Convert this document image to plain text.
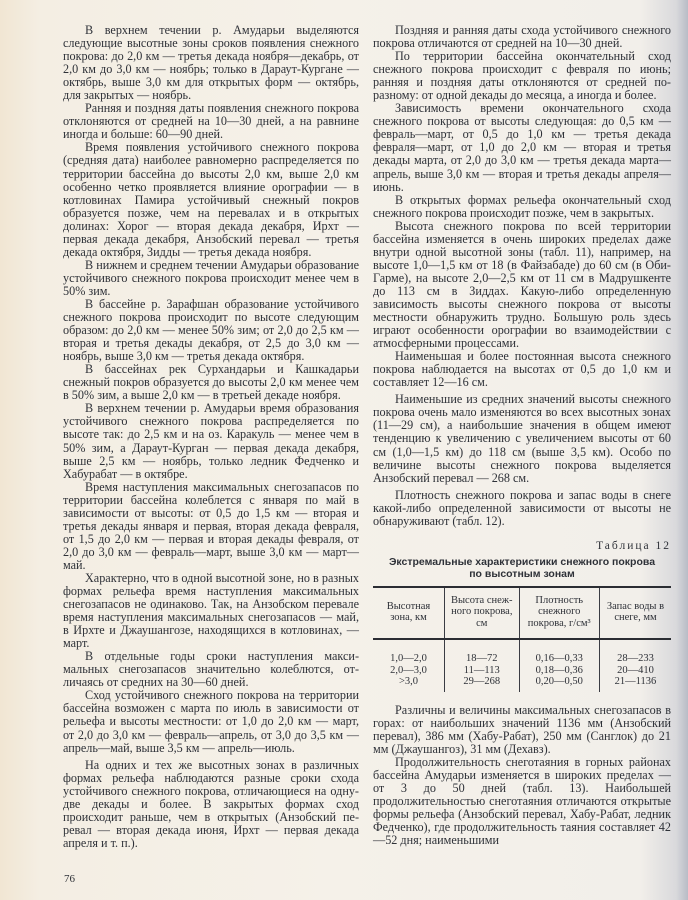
В верхнем течении р. Амударьи выделяются следующие высотные зоны сроков появления снежного покрова: до 2,0 км — третья декада ноября—декабрь, от 2,0 км до 3,0 км — ноябрь; только в Дараут-Кургане — октябрь, выше 3,0 км для открытых форм — октябрь, для закрытых — ноябрь.

Ранняя и поздняя даты появления снежного покрова отклоняются от средней на 10—30 дней, а на равнине иногда и больше: 60—90 дней.

Время появления устойчивого снежного покрова (средняя дата) наиболее равномерно распределяется по территории бассейна до высоты 2,0 км, выше 2,0 км особенно четко проявляется влияние орографии — в котловинах Памира устойчивый снежный покров образуется позже, чем на перевалах и в открытых долинах: Хорог — вторая декада декабря, Ирхт — первая декада декабря, Анзобский перевал — третья декада октября, Зидды — третья декада ноября.

В нижнем и среднем течении Амударьи образование устойчивого снежного покрова происходит менее чем в 50% зим.

В бассейне р. Зарафшан образование устойчивого снежного покрова происходит по высоте следующим образом: до 2,0 км — менее 50% зим; от 2,0 до 2,5 км — вторая и третья декады декабря, от 2,5 до 3,0 км — ноябрь, выше 3,0 км — третья декада октября.

В бассейнах рек Сурхандарьи и Кашкадарьи снежный покров образуется до высоты 2,0 км менее чем в 50% зим, а выше 2,0 км — в третьей декаде ноября.

В верхнем течении р. Амударьи время образования устойчивого снежного покрова распределяется по высоте так: до 2,5 км и на оз. Каракуль — менее чем в 50% зим, а Дараут-Курган — первая декада декабря, выше 2,5 км — ноябрь, только ледник Федченко и Хабурабат — в октябре.

Время наступления максимальных снегозапасов по территории бассейна колеблется с января по май в зависимости от высоты: от 0,5 до 1,5 км — вторая и третья декады января и первая, вторая декада февраля, от 1,5 до 2,0 км — первая и вторая декады февраля, от 2,0 до 3,0 км — февраль—март, выше 3,0 км — март—май.

Характерно, что в одной высотной зоне, но в разных формах рельефа время наступления максимальных снегозапасов не одинаково. Так, на Анзобском перевале время наступления максимальных снегозапасов — май, в Ирхте и Джаушангозе, находящихся в котловинах, — март.

В отдельные годы сроки наступления максимальных снегозапасов значительно колеблются, отличаясь от средних на 30—60 дней.

Сход устойчивого снежного покрова на территории бассейна возможен с марта по июль в зависимости от рельефа и высоты местности: от 1,0 до 2,0 км — март, от 2,0 до 3,0 км — февраль—апрель, от 3,0 до 3,5 км — апрель—май, выше 3,5 км — апрель—июль.

На одних и тех же высотных зонах в различных формах рельефа наблюдаются разные сроки схода устойчивого снежного покрова, отличающиеся на одну-две декады и более. В закрытых формах сход происходит раньше, чем в открытых (Анзобский перевал — вторая декада июня, Ирхт — первая декада апреля и т. п.).

Поздняя и ранняя даты схода устойчивого снежного покрова отличаются от средней на 10—30 дней.

По территории бассейна окончательный сход снежного покрова происходит с февраля по июнь; ранняя и поздняя даты отклоняются от средней по-разному: от одной декады до месяца, а иногда и более.

Зависимость времени окончательного схода снежного покрова от высоты следующая: до 0,5 км — февраль—март, от 0,5 до 1,0 км — третья декада февраля—март, от 1,0 до 2,0 км — вторая и третья декады марта, от 2,0 до 3,0 км — третья декада марта—апрель, выше 3,0 км — вторая и третья декады апреля—июнь.

В открытых формах рельефа окончательный сход снежного покрова происходит позже, чем в закрытых.

Высота снежного покрова по всей территории бассейна изменяется в очень широких пределах даже внутри одной высотной зоны (табл. 11), например, на высоте 1,0—1,5 км от 18 (в Файзабаде) до 60 см (в Оби-Гарме), на высоте 2,0—2,5 км от 11 см в Мадрушкенте до 113 см в Зиддах. Какую-либо определенную зависимость высоты снежного покрова от высоты местности обнаружить трудно. Большую роль здесь играют особенности орографии во взаимодействии с атмосферными процессами.

Наименьшая и более постоянная высота снежного покрова наблюдается на высотах от 0,5 до 1,0 км и составляет 12—16 см.

Наименьшие из средних значений высоты снежного покрова очень мало изменяются во всех высотных зонах (11—29 см), а наибольшие значения в общем имеют тенденцию к увеличению с увеличением высоты от 60 см (1,0—1,5 км) до 118 см (выше 3,5 км). Особо по величине высоты снежного покрова выделяется Анзобский перевал — 268 см.

Плотность снежного покрова и запас воды в снеге какой-либо определенной зависимости от высоты не обнаруживают (табл. 12).

Таблица 12
Экстремальные характеристики снежного покрова
по высотным зонам
Высотная зона, км	Высота снежного покрова, см	Плотность снежного покрова, г/см³	Запас воды в снеге, мм
1,0—2,0	18—72	0,16—0,33	28—233
2,0—3,0	11—113	0,18—0,36	20—410
>3,0	29—268	0,20—0,50	21—1136

Различны и величины максимальных снегозапасов в горах: от наибольших значений 1136 мм (Анзобский перевал), 386 мм (Хабу-Рабат), 250 мм (Санглок) до 21 мм (Джаушангоз), 31 мм (Дехавз).

Продолжительность снеготаяния в горных районах бассейна Амударьи изменяется в широких пределах — от 3 до 50 дней (табл. 13). Наибольшей продолжительностью снеготаяния отличаются открытые формы рельефа (Анзобский перевал, Хабу-Рабат, ледник Федченко), где продолжительность таяния составляет 42—52 дня; наименьшими

76
